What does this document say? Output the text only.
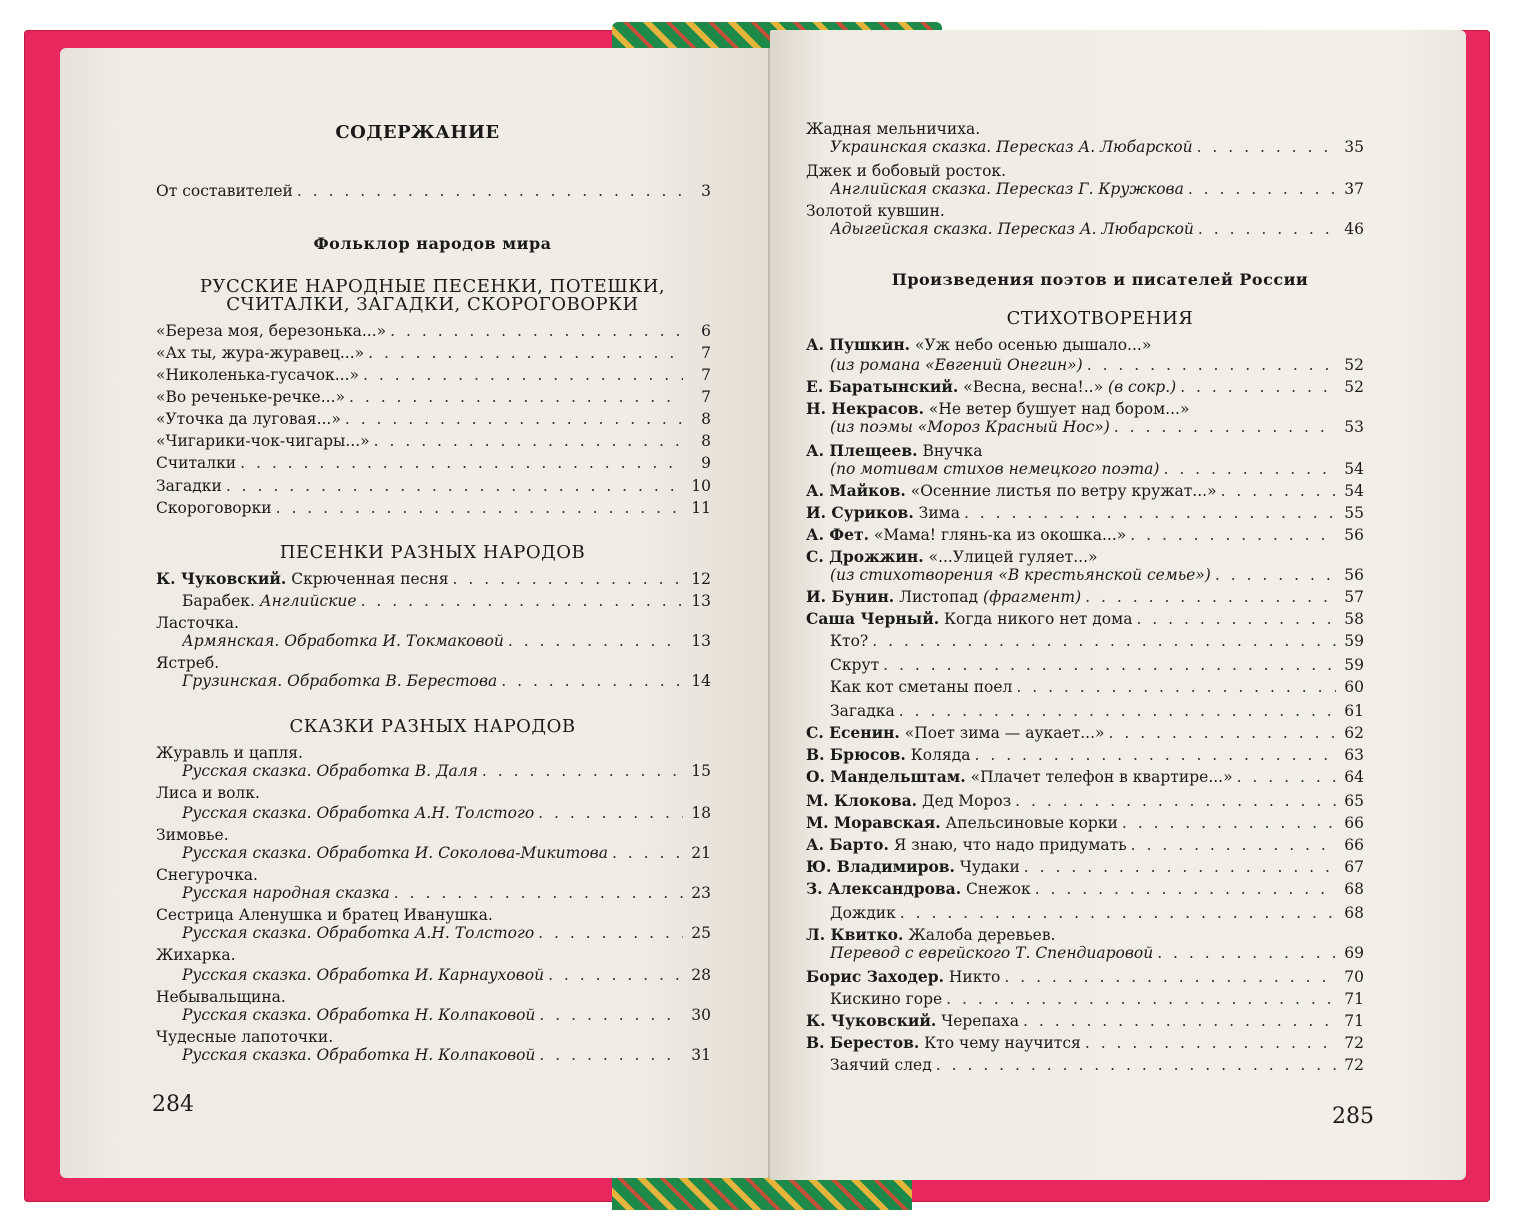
СОДЕРЖАНИЕ
От составителей . . .	3
Фольклор народов мира
РУССКИЕ НАРОДНЫЕ ПЕСЕНКИ, ПОТЕШКИ,
СЧИТАЛКИ, ЗАГАДКИ, СКОРОГОВОРКИ
«Береза моя, березонька...» . . .	6
«Ах ты, жура-журавец...» . . .	7
«Николенька-гусачок...» . . .	7
«Во реченьке-речке...» . . .	7
«Уточка да луговая...» . . .	8
«Чигарики-чок-чигары...» . . .	8
Считалки . . .	9
Загадки . . .	10
Скороговорки . . .	11
ПЕСЕНКИ РАЗНЫХ НАРОДОВ
К. Чуковский. Скрюченная песня . . .	12
Барабек. Английские . . .	13
Ласточка.
Армянская. Обработка И. Токмаковой . . .	13
Ястреб.
Грузинская. Обработка В. Берестова . . .	14
СКАЗКИ РАЗНЫХ НАРОДОВ
Журавль и цапля.
Русская сказка. Обработка В. Даля . . .	15
Лиса и волк.
Русская сказка. Обработка А.Н. Толстого . . .	18
Зимовье.
Русская сказка. Обработка И. Соколова-Микитова . . .	21
Снегурочка.
Русская народная сказка . . .	23
Сестрица Аленушка и братец Иванушка.
Русская сказка. Обработка А.Н. Толстого . . .	25
Жихарка.
Русская сказка. Обработка И. Карнауховой . . .	28
Небывальщина.
Русская сказка. Обработка Н. Колпаковой . . .	30
Чудесные лапоточки.
Русская сказка. Обработка Н. Колпаковой . . .	31
284
Жадная мельничиха.
Украинская сказка. Пересказ А. Любарской . . .	35
Джек и бобовый росток.
Английская сказка. Пересказ Г. Кружкова . . .	37
Золотой кувшин.
Адыгейская сказка. Пересказ А. Любарской . . .	46
Произведения поэтов и писателей России
СТИХОТВОРЕНИЯ
А. Пушкин. «Уж небо осенью дышало...»
(из романа «Евгений Онегин») . . .	52
Е. Баратынский. «Весна, весна!..» (в сокр.) . . .	52
Н. Некрасов. «Не ветер бушует над бором...»
(из поэмы «Мороз Красный Нос») . . .	53
А. Плещеев. Внучка
(по мотивам стихов немецкого поэта) . . .	54
А. Майков. «Осенние листья по ветру кружат...» . . .	54
И. Суриков. Зима . . .	55
А. Фет. «Мама! глянь-ка из окошка...» . . .	56
С. Дрожжин. «...Улицей гуляет...»
(из стихотворения «В крестьянской семье») . . .	56
И. Бунин. Листопад (фрагмент) . . .	57
Саша Черный. Когда никого нет дома . . .	58
Кто? . . .	59
Скрут . . .	59
Как кот сметаны поел . . .	60
Загадка . . .	61
С. Есенин. «Поет зима — аукает...» . . .	62
В. Брюсов. Коляда . . .	63
О. Мандельштам. «Плачет телефон в квартире...» . . .	64
М. Клокова. Дед Мороз . . .	65
М. Моравская. Апельсиновые корки . . .	66
А. Барто. Я знаю, что надо придумать . . .	66
Ю. Владимиров. Чудаки . . .	67
З. Александрова. Снежок . . .	68
Дождик . . .	68
Л. Квитко. Жалоба деревьев.
Перевод с еврейского Т. Спендиаровой . . .	69
Борис Заходер. Никто . . .	70
Кискино горе . . .	71
К. Чуковский. Черепаха . . .	71
В. Берестов. Кто чему научится . . .	72
Заячий след . . .	72
285
